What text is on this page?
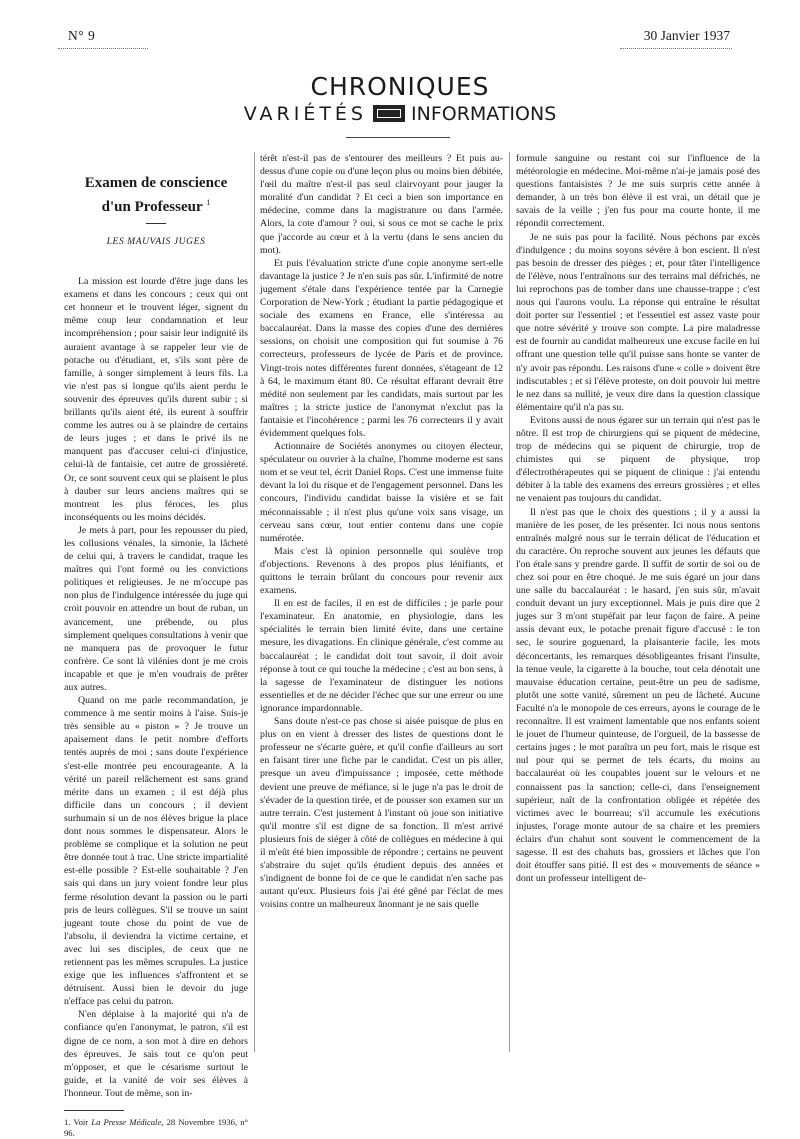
N° 9	30 Janvier 1937
CHRONIQUES
VARIÉTÉS INFORMATIONS
Examen de conscience
d'un Professeur $^1$
LES MAUVAIS JUGES

La mission est lourde d'être juge dans les examens et dans les concours ; ceux qui ont cet honneur et le trouvent léger, signent du même coup leur condamnation et leur incompréhension ; pour saisir leur indignité ils auraient avantage à se rappeler leur vie de potache ou d'étudiant, et, s'ils sont père de famille, à songer simplement à leurs fils. La vie n'est pas si longue qu'ils aient perdu le souvenir des épreuves qu'ils durent subir ; si brillants qu'ils aient été, ils eurent à souffrir comme les autres ou à se plaindre de certains de leurs juges ; et dans le privé ils ne manquent pas d'accuser celui-ci d'injustice, celui-là de fantaisie, cet autre de grossièreté. Or, ce sont souvent ceux qui se plaisent le plus à dauber sur leurs anciens maîtres qui se montrent les plus féroces, les plus inconséquents ou les moins décidés.

Je mets à part, pour les repousser du pied, les collusions vénales, la simonie, la lâcheté de celui qui, à travers le candidat, traque les maîtres qui l'ont formé ou les convictions politiques et religieuses. Je ne m'occupe pas non plus de l'indulgence intéressée du juge qui croit pouvoir en attendre un bout de ruban, un avancement, une prébende, ou plus simplement quelques consultations à venir que ne manquera pas de provoquer le futur confrère. Ce sont là vilénies dont je me crois incapable et que je m'en voudrais de prêter aux autres.

Quand on me parle recommandation, je commence à me sentir moins à l'aise. Suis-je très sensible au « piston » ? Je trouve un apaisement dans le petit nombre d'efforts tentés auprès de moi ; sans doute l'expérience s'est-elle montrée peu encourageante. A la vérité un pareil relâchement est sans grand mérite dans un examen ; il est déjà plus difficile dans un concours ; il devient surhumain si un de nos élèves brigue la place dont nous sommes le dispensateur. Alors le problème se complique et la solution ne peut être donnée tout à trac. Une stricte impartialité est-elle possible ? Est-elle souhaitable ? J'en sais qui dans un jury voient fondre leur plus ferme résolution devant la passion ou le parti pris de leurs collègues. S'il se trouve un saint jugeant toute chose du point de vue de l'absolu, il deviendra la victime certaine, et avec lui ses disciples, de ceux que ne retiennent pas les mêmes scrupules. La justice exige que les influences s'affrontent et se détruisent. Aussi bien le devoir du juge n'efface pas celui du patron.

N'en déplaise à la majorité qui n'a de confiance qu'en l'anonymat, le patron, s'il est digne de ce nom, a son mot à dire en dehors des épreuves. Je sais tout ce qu'on peut m'opposer, et que le césarisme surtout le guide, et la vanité de voir ses élèves à l'honneur. Tout de même, son in-

1. Voir La Presse Médicale, 28 Novembre 1936, n° 96.

térêt n'est-il pas de s'entourer des meilleurs ? Et puis au-dessus d'une copie ou d'une leçon plus ou moins bien débitée, l'œil du maître n'est-il pas seul clairvoyant pour jauger la moralité d'un candidat ? Et ceci a bien son importance en médecine, comme dans la magistrature ou dans l'armée. Alors, la cote d'amour ? oui, si sous ce mot se cache le prix que j'accorde au cœur et à la vertu (dans le sens ancien du mot).

Et puis l'évaluation stricte d'une copie anonyme sert-elle davantage la justice ? Je n'en suis pas sûr. L'infirmité de notre jugement s'étale dans l'expérience tentée par la Carnegie Corporation de New-York ; étudiant la partie pédagogique et sociale des examens en France, elle s'intéressa au baccalauréat. Dans la masse des copies d'une des dernières sessions, on choisit une composition qui fut soumise à 76 correcteurs, professeurs de lycée de Paris et de province. Vingt-trois notes différentes furent données, s'étageant de 12 à 64, le maximum étant 80. Ce résultat effarant devrait être médité non seulement par les candidats, mais surtout par les maîtres ; la stricte justice de l'anonymat n'exclut pas la fantaisie et l'incohérence ; parmi les 76 correcteurs il y avait évidemment quelques fols.

Actionnaire de Sociétés anonymes ou citoyen électeur, spéculateur ou ouvrier à la chaîne, l'homme moderne est sans nom et se veut tel, écrit Daniel Rops. C'est une immense fuite devant la loi du risque et de l'engagement personnel. Dans les concours, l'individu candidat baisse la visière et se fait méconnaissable ; il n'est plus qu'une voix sans visage, un cerveau sans cœur, tout entier contenu dans une copie numérotée.

Mais c'est là opinion personnelle qui soulève trop d'objections. Revenons à des propos plus lénifiants, et quittons le terrain brûlant du concours pour revenir aux examens.

Il en est de faciles, il en est de difficiles ; je parle pour l'examinateur. En anatomie, en physiologie, dans les spécialités le terrain bien limité évite, dans une certaine mesure, les divagations. En clinique générale, c'est comme au baccalauréat ; le candidat doit tout savoir, il doit avoir réponse à tout ce qui touche la médecine ; c'est au bon sens, à la sagesse de l'examinateur de distinguer les notions essentielles et de ne décider l'échec que sur une erreur ou une ignorance impardonnable.

Sans doute n'est-ce pas chose si aisée puisque de plus en plus on en vient à dresser des listes de questions dont le professeur ne s'écarte guère, et qu'il confie d'ailleurs au sort en faisant tirer une fiche par le candidat. C'est un pis aller, presque un aveu d'impuissance ; imposée, cette méthode devient une preuve de méfiance, si le juge n'a pas le droit de s'évader de la question tirée, et de pousser son examen sur un autre terrain. C'est justement à l'instant où joue son initiative qu'il montre s'il est digne de sa fonction. Il m'est arrivé plusieurs fois de siéger à côté de collègues en médecine à qui il m'eût été bien impossible de répondre ; certains ne peuvent s'abstraire du sujet qu'ils étudient depuis des années et s'indignent de bonne foi de ce que le candidat n'en sache pas autant qu'eux. Plusieurs fois j'ai été gêné par l'éclat de mes voisins contre un malheureux ânonnant je ne sais quelle

formule sanguine ou restant coi sur l'influence de la météorologie en médecine. Moi-même n'ai-je jamais posé des questions fantaisistes ? Je me suis surpris cette année à demander, à un très bon élève il est vrai, un détail que je savais de la veille ; j'en fus pour ma courte honte, il me répondit correctement.

Je ne suis pas pour la facilité. Nous péchons par excès d'indulgence ; du moins soyons sévère à bon escient. Il n'est pas besoin de dresser des pièges ; et, pour tâter l'intelligence de l'élève, nous l'entraînons sur des terrains mal défrichés, ne lui reprochons pas de tomber dans une chausse-trappe ; c'est nous qui l'aurons voulu. La réponse qui entraîne le résultat doit porter sur l'essentiel ; et l'essentiel est assez vaste pour que notre sévérité y trouve son compte. La pire maladresse est de fournir au candidat malheureux une excuse facile en lui offrant une question telle qu'il puisse sans honte se vanter de n'y avoir pas répondu. Les raisons d'une « colle » doivent être indiscutables ; et si l'élève proteste, on doit pouvoir lui mettre le nez dans sa nullité, je veux dire dans la question classique élémentaire qu'il n'a pas su.

Evitons aussi de nous égarer sur un terrain qui n'est pas le nôtre. Il est trop de chirurgiens qui se piquent de médecine, trop de médecins qui se piquent de chirurgie, trop de chimistes qui se piquent de physique, trop d'électrothérapeutes qui se piquent de clinique : j'ai entendu débiter à la table des examens des erreurs grossières ; et elles ne venaient pas toujours du candidat.

Il n'est pas que le choix des questions ; il y a aussi la manière de les poser, de les présenter. Ici nous nous sentons entraînés malgré nous sur le terrain délicat de l'éducation et du caractère. On reproche souvent aux jeunes les défauts que l'on étale sans y prendre garde. Il suffit de sortir de soi ou de chez soi pour en être choqué. Je me suis égaré un jour dans une salle du baccalauréat : le hasard, j'en suis sûr, m'avait conduit devant un jury exceptionnel. Mais je puis dire que 2 juges sur 3 m'ont stupéfait par leur façon de faire. A peine assis devant eux, le potache prenait figure d'accusé : le ton sec, le sourire goguenard, la plaisanterie facile, les mots déconcertants, les remarques désobligeantes frisant l'insulte, la tenue veule, la cigarette à la bouche, tout cela dénotait une mauvaise éducation certaine, peut-être un peu de sadisme, plutôt une sotte vanité, sûrement un peu de lâcheté. Aucune Faculté n'a le monopole de ces erreurs, ayons le courage de le reconnaître. Il est vraiment lamentable que nos enfants soient le jouet de l'humeur quinteuse, de l'orgueil, de la bassesse de certains juges ; le mot paraîtra un peu fort, mais le risque est nul pour qui se permet de tels écarts, du moins au baccalauréat où les coupables jouent sur le velours et ne connaissent pas la sanction; celle-ci, dans l'enseignement supérieur, naît de la confrontation obligée et répétée des victimes avec le bourreau; s'il accumule les exécutions injustes, l'orage monte autour de sa chaire et les premiers éclairs d'un chahut sont souvent le commencement de la sagesse. Il est des chahuts bas, grossiers et lâches que l'on doit étouffer sans pitié. Il est des « mouvements de séance » dont un professeur intelligent de-
